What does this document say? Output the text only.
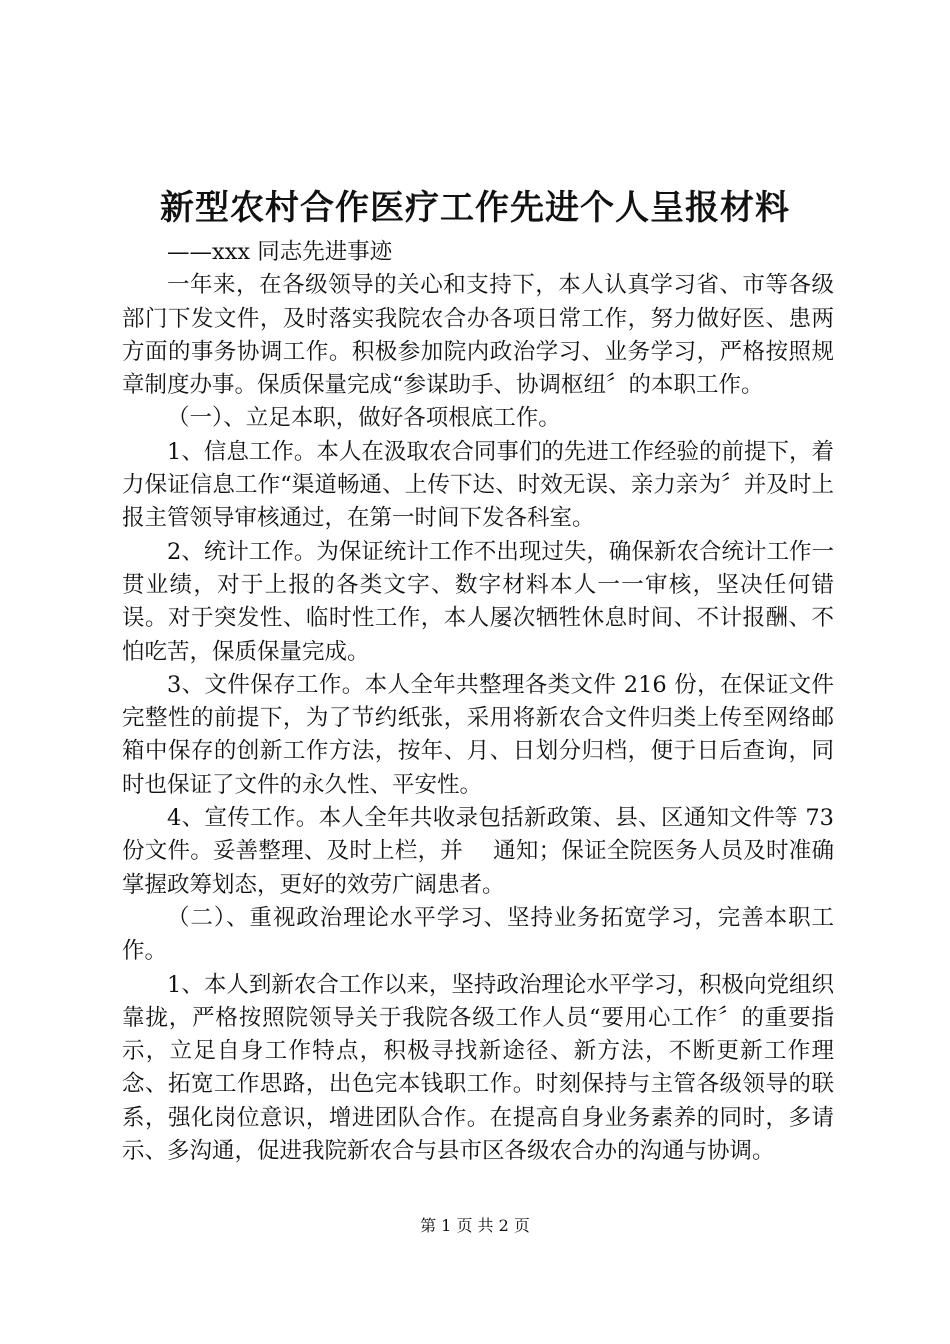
新型农村合作医疗工作先进个人呈报材料

——xxx 同志先进事迹

一年来，在各级领导的关心和支持下，本人认真学习省、市等各级部门下发文件，及时落实我院农合办各项日常工作，努力做好医、患两方面的事务协调工作。积极参加院内政治学习、业务学习，严格按照规章制度办事。保质保量完成“参谋助手、协调枢纽〞的本职工作。

（一）、立足本职，做好各项根底工作。

1、信息工作。本人在汲取农合同事们的先进工作经验的前提下，着力保证信息工作“渠道畅通、上传下达、时效无误、亲力亲为〞并及时上报主管领导审核通过，在第一时间下发各科室。

2、统计工作。为保证统计工作不出现过失，确保新农合统计工作一贯业绩，对于上报的各类文字、数字材料本人一一审核，坚决任何错误。对于突发性、临时性工作，本人屡次牺牲休息时间、不计报酬、不怕吃苦，保质保量完成。

3、文件保存工作。本人全年共整理各类文件 216 份，在保证文件完整性的前提下，为了节约纸张，采用将新农合文件归类上传至网络邮箱中保存的创新工作方法，按年、月、日划分归档，便于日后查询，同时也保证了文件的永久性、平安性。

4、宣传工作。本人全年共收录包括新政策、县、区通知文件等 73 份文件。妥善整理、及时上栏，并　 通知；保证全院医务人员及时准确掌握政筹划态，更好的效劳广阔患者。

（二）、重视政治理论水平学习、坚持业务拓宽学习，完善本职工作。

1、本人到新农合工作以来，坚持政治理论水平学习，积极向党组织靠拢，严格按照院领导关于我院各级工作人员“要用心工作〞的重要指示，立足自身工作特点，积极寻找新途径、新方法，不断更新工作理念、拓宽工作思路，出色完本钱职工作。时刻保持与主管各级领导的联系，强化岗位意识，增进团队合作。在提高自身业务素养的同时，多请示、多沟通，促进我院新农合与县市区各级农合办的沟通与协调。

第 1 页 共 2 页
